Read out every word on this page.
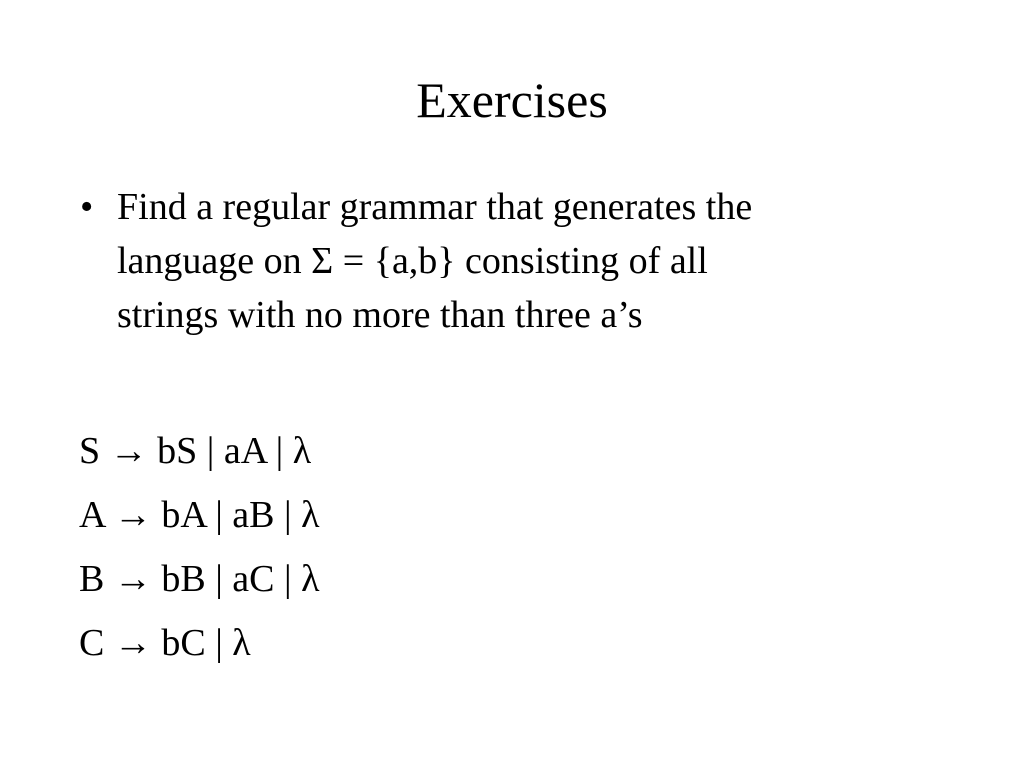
Exercises
• Find a regular grammar that generates the
language on Σ = {a,b} consisting of all
strings with no more than three a’s
S → bS | aA | λ
A → bA | aB | λ
B → bB | aC | λ
C → bC | λ
